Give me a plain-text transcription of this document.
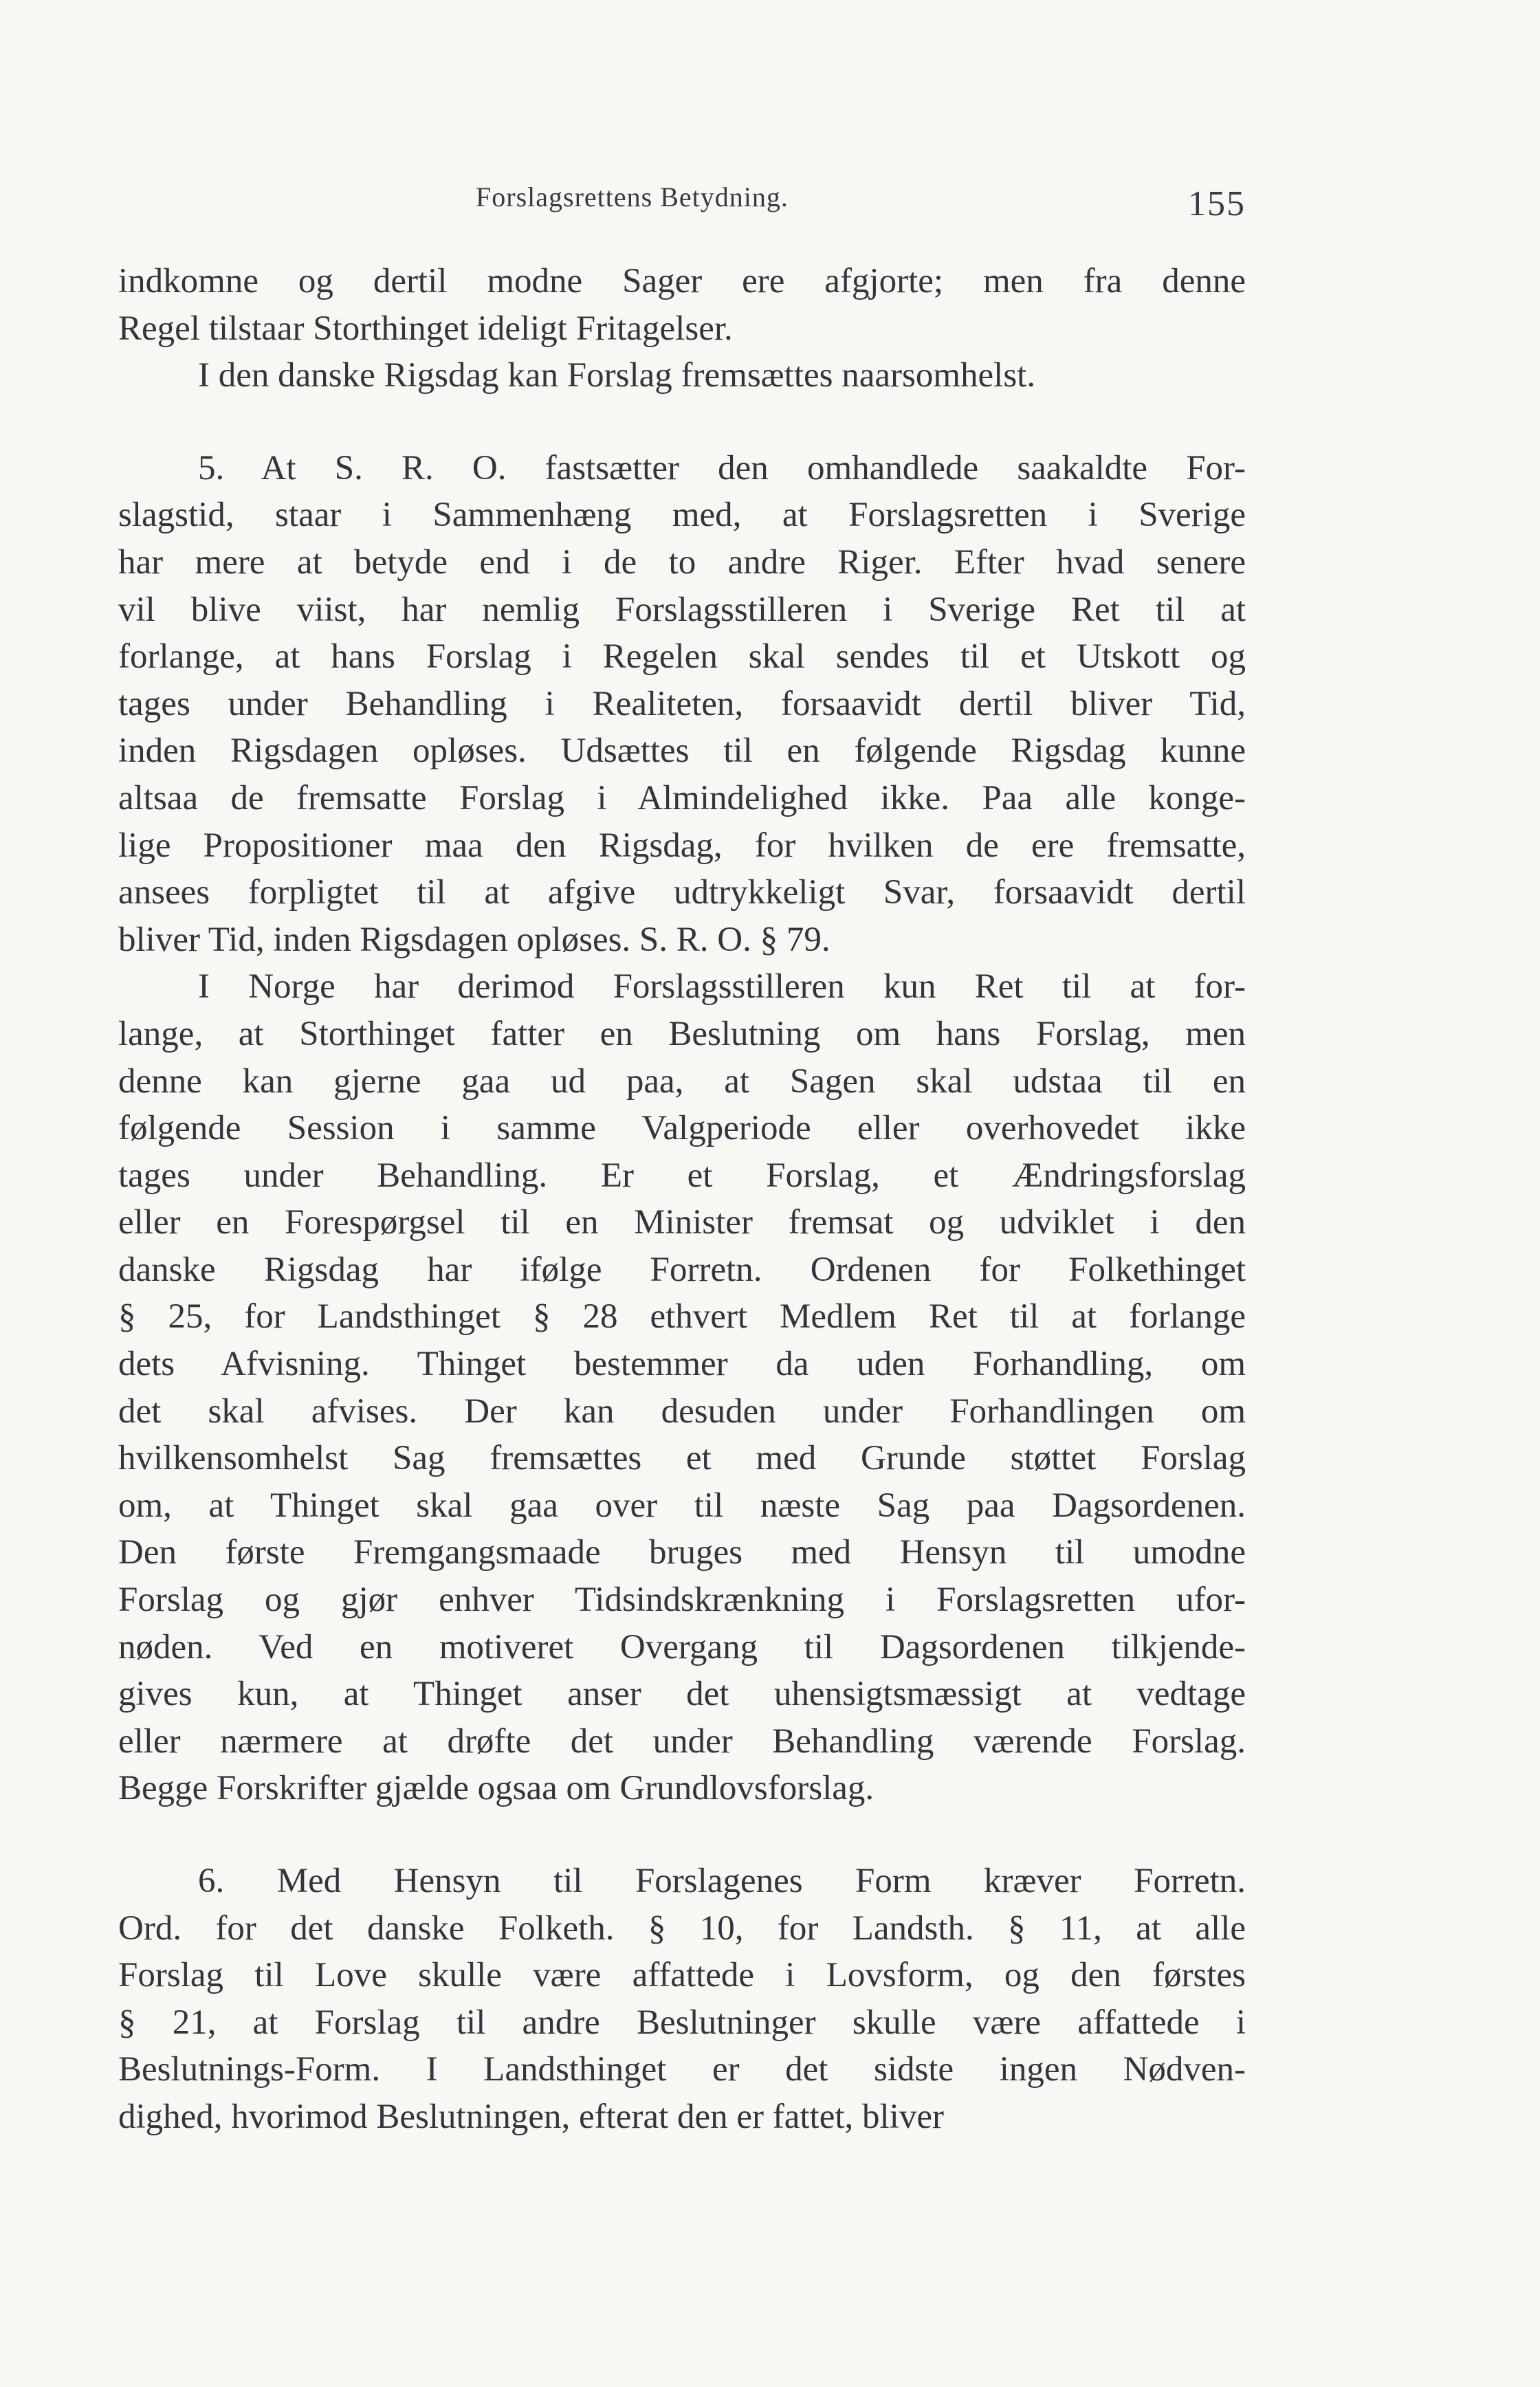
Forslagsrettens Betydning.	155
indkomne og dertil modne Sager ere afgjorte; men fra denne
Regel tilstaar Storthinget ideligt Fritagelser.
I den danske Rigsdag kan Forslag fremsættes naarsomhelst.
5. At S. R. O. fastsætter den omhandlede saakaldte For-
slagstid, staar i Sammenhæng med, at Forslagsretten i Sverige
har mere at betyde end i de to andre Riger. Efter hvad senere
vil blive viist, har nemlig Forslagsstilleren i Sverige Ret til at
forlange, at hans Forslag i Regelen skal sendes til et Utskott og
tages under Behandling i Realiteten, forsaavidt dertil bliver Tid,
inden Rigsdagen opløses. Udsættes til en følgende Rigsdag kunne
altsaa de fremsatte Forslag i Almindelighed ikke. Paa alle konge-
lige Propositioner maa den Rigsdag, for hvilken de ere fremsatte,
ansees forpligtet til at afgive udtrykkeligt Svar, forsaavidt dertil
bliver Tid, inden Rigsdagen opløses. S. R. O. § 79.
I Norge har derimod Forslagsstilleren kun Ret til at for-
lange, at Storthinget fatter en Beslutning om hans Forslag, men
denne kan gjerne gaa ud paa, at Sagen skal udstaa til en
følgende Session i samme Valgperiode eller overhovedet ikke
tages under Behandling. Er et Forslag, et Ændringsforslag
eller en Forespørgsel til en Minister fremsat og udviklet i den
danske Rigsdag har ifølge Forretn. Ordenen for Folkethinget
§ 25, for Landsthinget § 28 ethvert Medlem Ret til at forlange
dets Afvisning. Thinget bestemmer da uden Forhandling, om
det skal afvises. Der kan desuden under Forhandlingen om
hvilkensomhelst Sag fremsættes et med Grunde støttet Forslag
om, at Thinget skal gaa over til næste Sag paa Dagsordenen.
Den første Fremgangsmaade bruges med Hensyn til umodne
Forslag og gjør enhver Tidsindskrænkning i Forslagsretten ufor-
nøden. Ved en motiveret Overgang til Dagsordenen tilkjende-
gives kun, at Thinget anser det uhensigtsmæssigt at vedtage
eller nærmere at drøfte det under Behandling værende Forslag.
Begge Forskrifter gjælde ogsaa om Grundlovsforslag.
6. Med Hensyn til Forslagenes Form kræver Forretn.
Ord. for det danske Folketh. § 10, for Landsth. § 11, at alle
Forslag til Love skulle være affattede i Lovsform, og den førstes
§ 21, at Forslag til andre Beslutninger skulle være affattede i
Beslutnings-Form. I Landsthinget er det sidste ingen Nødven-
dighed, hvorimod Beslutningen, efterat den er fattet, bliver
